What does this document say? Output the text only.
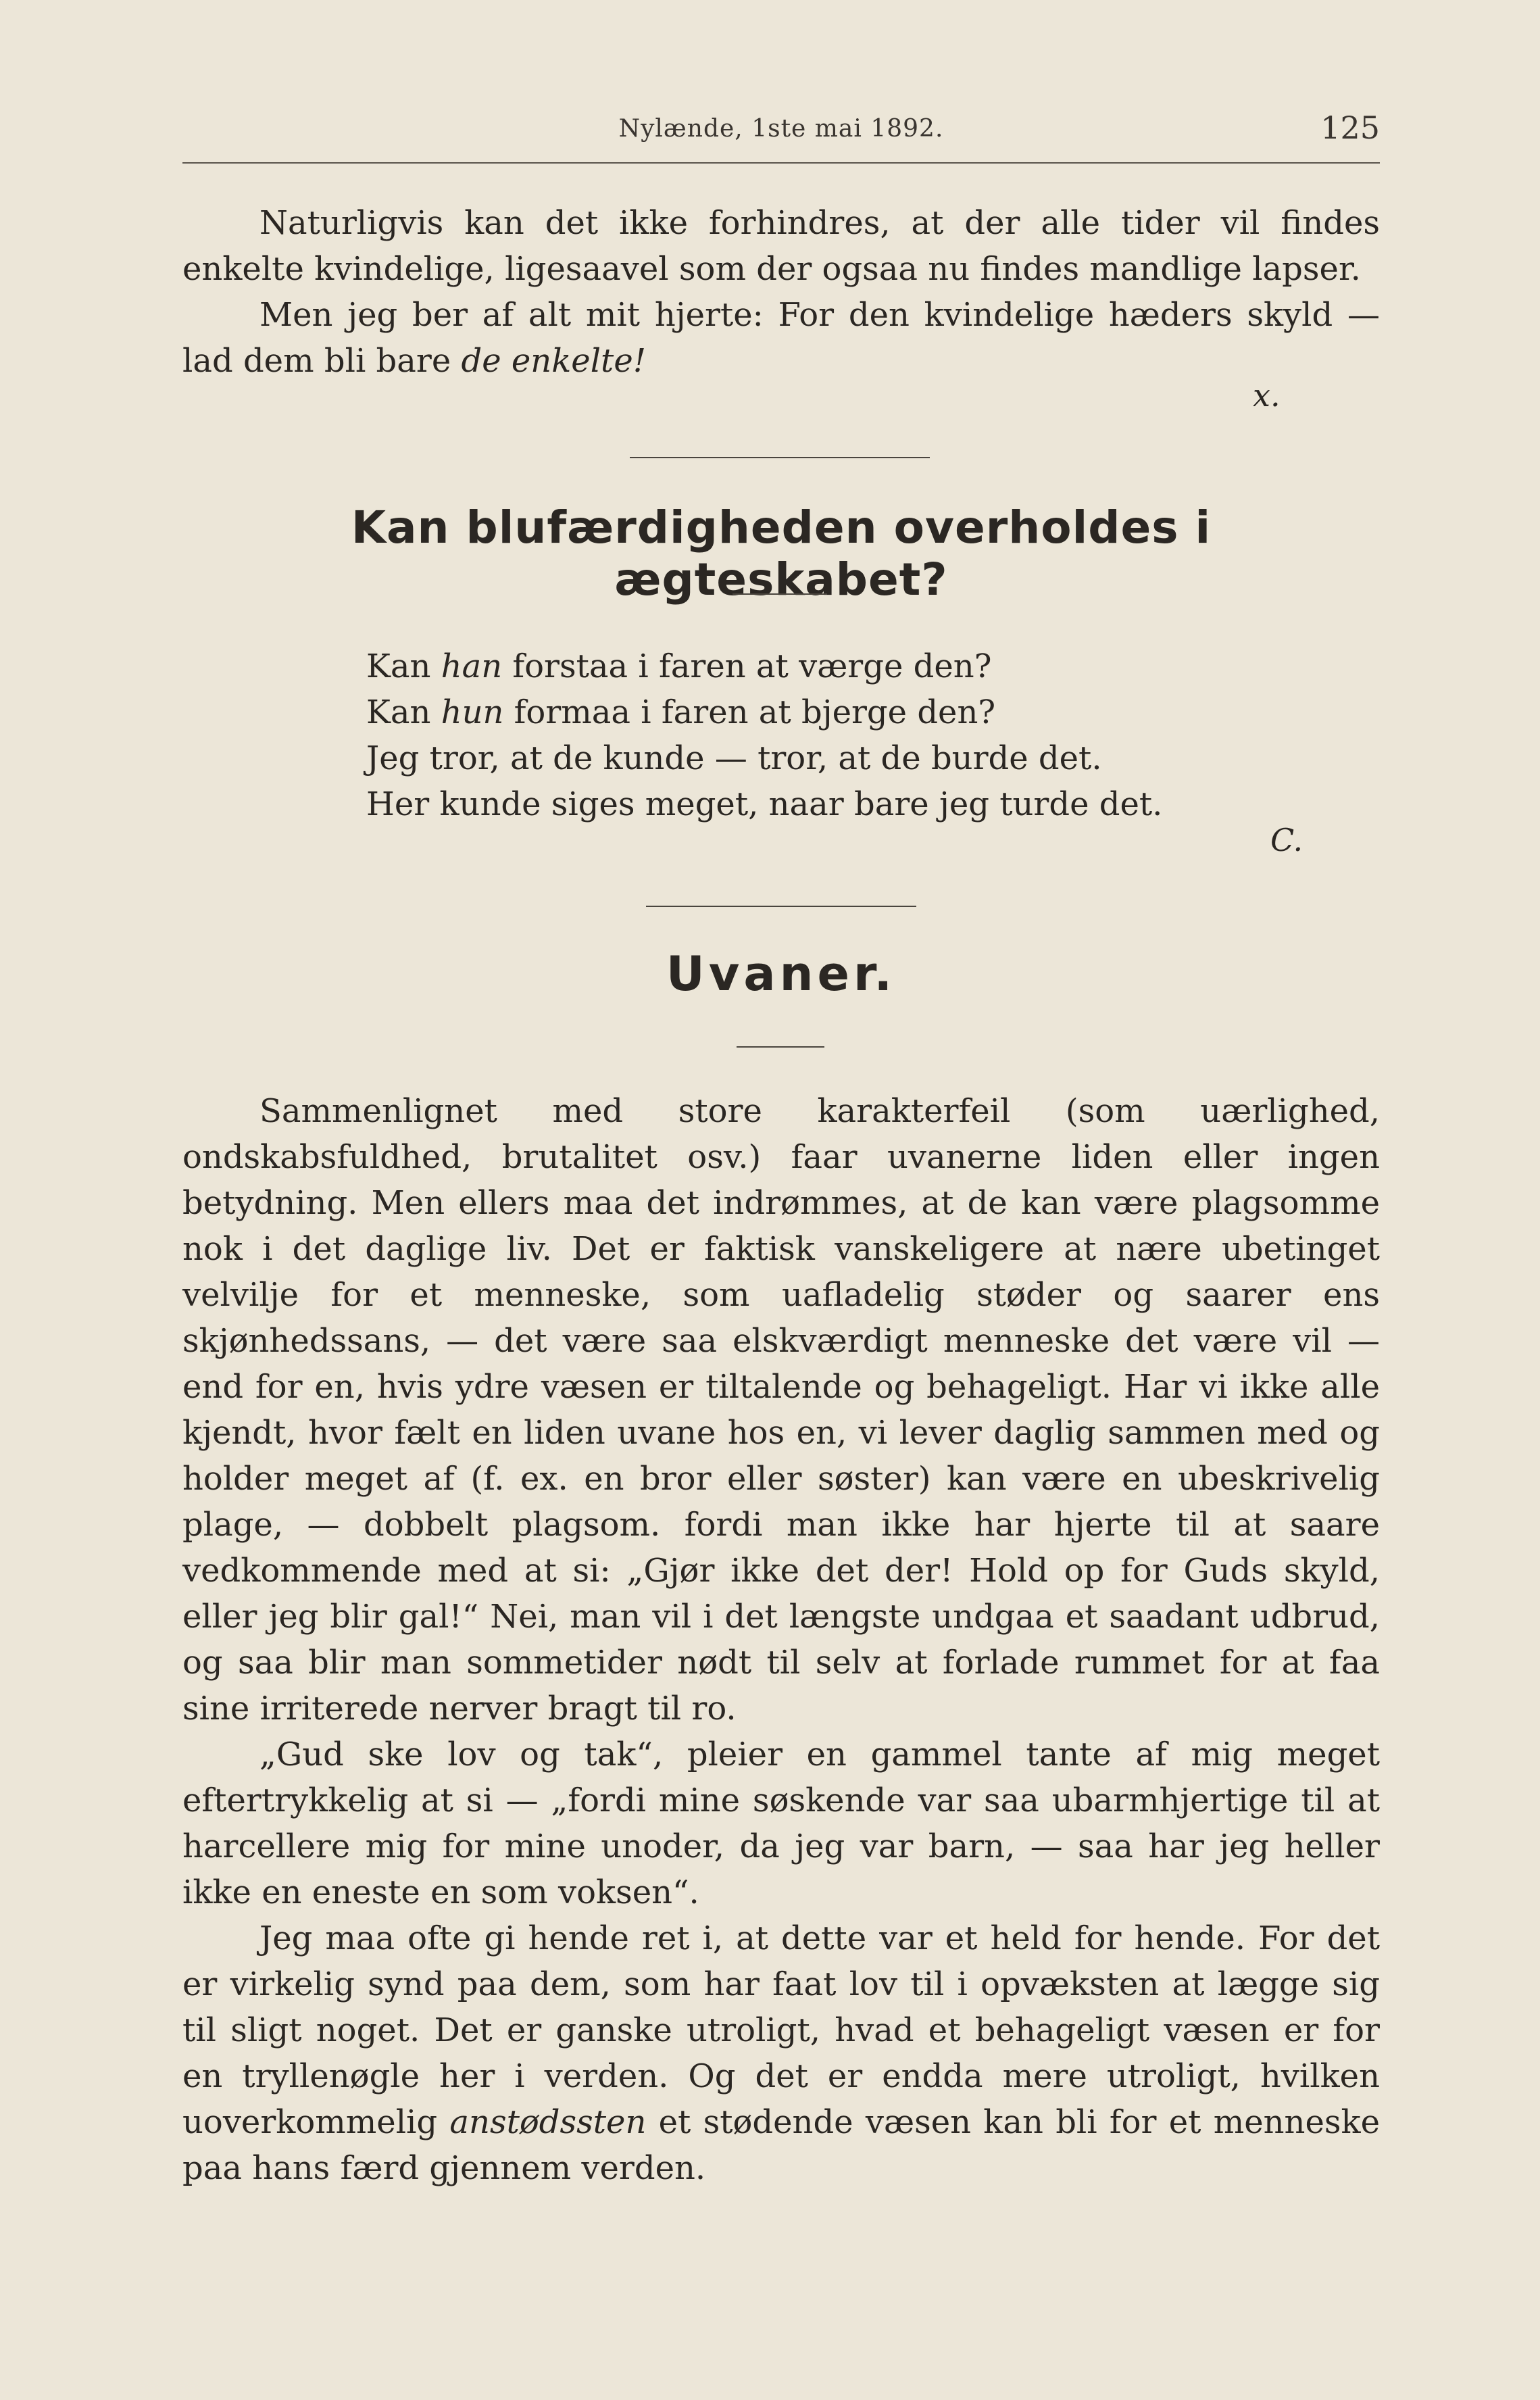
Nylænde, 1ste mai 1892.	125

Naturligvis kan det ikke forhindres, at der alle tider vil findes enkelte kvindelige, ligesaavel som der ogsaa nu findes mandlige lapser.

Men jeg ber af alt mit hjerte: For den kvindelige hæders skyld — lad dem bli bare de enkelte!

x.
Kan blufærdigheden overholdes i ægteskabet?
Kan han forstaa i faren at værge den?
Kan hun formaa i faren at bjerge den?
Jeg tror, at de kunde — tror, at de burde det.
Her kunde siges meget, naar bare jeg turde det.
C.
Uvaner.

Sammenlignet med store karakterfeil (som uærlighed, ondskabsfuldhed, brutalitet osv.) faar uvanerne liden eller ingen betydning. Men ellers maa det indrømmes, at de kan være plagsomme nok i det daglige liv. Det er faktisk vanskeligere at nære ubetinget velvilje for et menneske, som uafladelig støder og saarer ens skjønhedssans, — det være saa elskværdigt menneske det være vil — end for en, hvis ydre væsen er tiltalende og behageligt. Har vi ikke alle kjendt, hvor fælt en liden uvane hos en, vi lever daglig sammen med og holder meget af (f. ex. en bror eller søster) kan være en ubeskrivelig plage, — dobbelt plagsom. fordi man ikke har hjerte til at saare vedkommende med at si: „Gjør ikke det der! Hold op for Guds skyld, eller jeg blir gal!“ Nei, man vil i det længste undgaa et saadant udbrud, og saa blir man sommetider nødt til selv at forlade rummet for at faa sine irriterede nerver bragt til ro.

„Gud ske lov og tak“, pleier en gammel tante af mig meget eftertrykkelig at si — „fordi mine søskende var saa ubarmhjertige til at harcellere mig for mine unoder, da jeg var barn, — saa har jeg heller ikke en eneste en som voksen“.

Jeg maa ofte gi hende ret i, at dette var et held for hende. For det er virkelig synd paa dem, som har faat lov til i opvæksten at lægge sig til sligt noget. Det er ganske utroligt, hvad et behageligt væsen er for en tryllenøgle her i verden. Og det er endda mere utroligt, hvilken uoverkommelig anstødssten et stødende væsen kan bli for et menneske paa hans færd gjennem verden.
